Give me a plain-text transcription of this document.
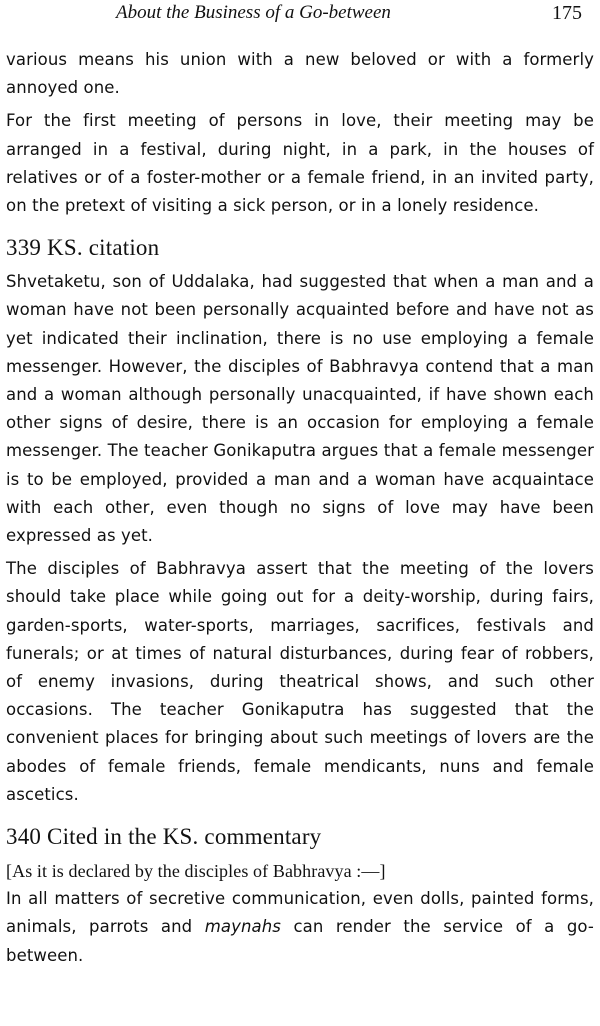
About the Business of a Go-between	175

various means his union with a new beloved or with a formerly annoyed one.

For the first meeting of persons in love, their meeting may be arranged in a festival, during night, in a park, in the houses of relatives or of a foster-mother or a female friend, in an invited party, on the pretext of visiting a sick person, or in a lonely residence.

339 KS. citation

Shvetaketu, son of Uddalaka, had suggested that when a man and a woman have not been personally acquainted before and have not as yet indicated their inclination, there is no use employing a female messenger. However, the disciples of Babhravya contend that a man and a woman although personally unacquainted, if have shown each other signs of desire, there is an occasion for employing a female messenger. The teacher Gonikaputra argues that a female messenger is to be employed, provided a man and a woman have acquaintace with each other, even though no signs of love may have been expressed as yet.

The disciples of Babhravya assert that the meeting of the lovers should take place while going out for a deity-worship, during fairs, garden-sports, water-sports, marriages, sacrifices, festivals and funerals; or at times of natural disturbances, during fear of robbers, of enemy invasions, during theatrical shows, and such other occasions. The teacher Gonikaputra has suggested that the convenient places for bringing about such meetings of lovers are the abodes of female friends, female mendicants, nuns and female ascetics.

340 Cited in the KS. commentary

[As it is declared by the disciples of Babhravya :—]

In all matters of secretive communication, even dolls, painted forms, animals, parrots and maynahs can render the service of a go-between.
